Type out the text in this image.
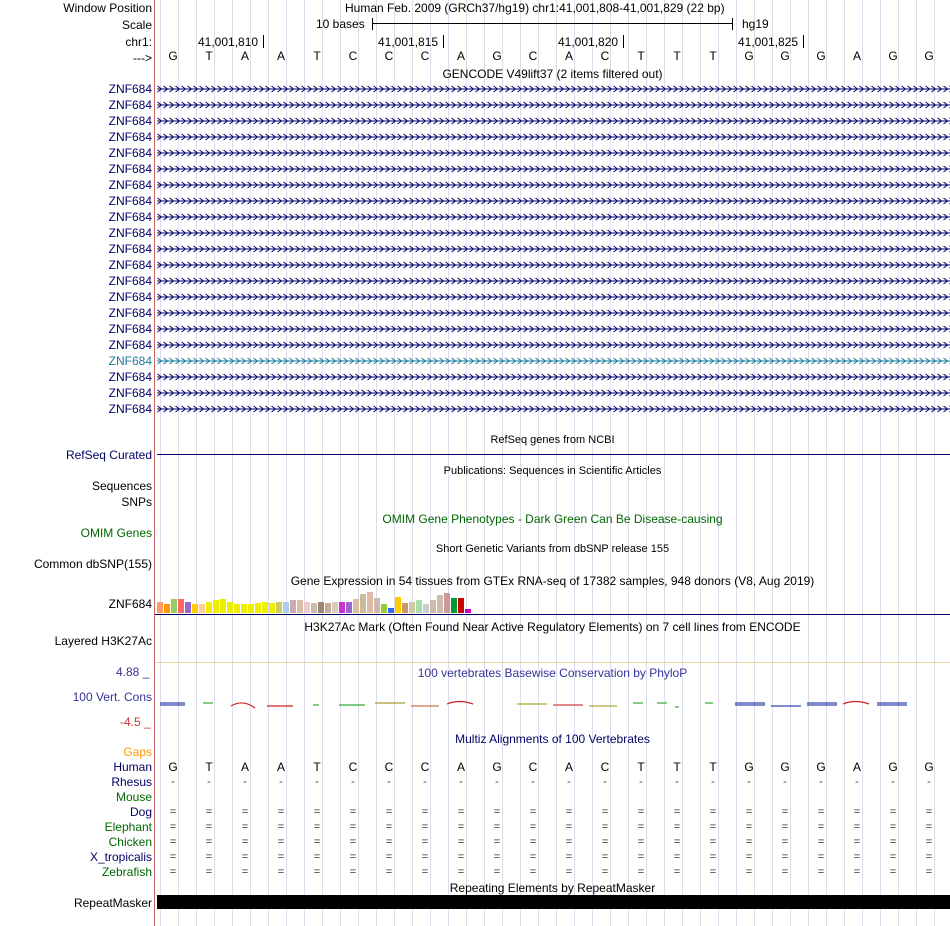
Window Position	Human Feb. 2009 (GRCh37/hg19) chr1:41,001,808-41,001,829 (22 bp)
Scale	10 bases	hg19
chr1:	41,001,810	41,001,815	41,001,820	41,001,825
--->	G	T	A	A	T	C	C	C	A	G	C	A	C	T	T	T	G	G	G	A	G	G
GENCODE V49lift37 (2 items filtered out)
ZNF684
ZNF684
ZNF684
ZNF684
ZNF684
ZNF684
ZNF684
ZNF684
ZNF684
ZNF684
ZNF684
ZNF684
ZNF684
ZNF684
ZNF684
ZNF684
ZNF684
ZNF684
ZNF684
ZNF684
ZNF684
RefSeq genes from NCBI
RefSeq Curated
Publications: Sequences in Scientific Articles
Sequences
SNPs
OMIM Gene Phenotypes - Dark Green Can Be Disease-causing
OMIM Genes
Short Genetic Variants from dbSNP release 155
Common dbSNP(155)
Gene Expression in 54 tissues from GTEx RNA-seq of 17382 samples, 948 donors (V8, Aug 2019)
ZNF684
H3K27Ac Mark (Often Found Near Active Regulatory Elements) on 7 cell lines from ENCODE
Layered H3K27Ac
100 vertebrates Basewise Conservation by PhyloP
4.88 _
100 Vert. Cons
-4.5 _
Multiz Alignments of 100 Vertebrates
Gaps
Human	G	T	A	A	T	C	C	C	A	G	C	A	C	T	T	T	G	G	G	A	G	G
Rhesus	-	-	-	-	-	-	-	-	-	-	-	-	-	-	-	-	-	-	-	-	-	-
Mouse
Dog	=	=	=	=	=	=	=	=	=	=	=	=	=	=	=	=	=	=	=	=	=	=
Elephant	=	=	=	=	=	=	=	=	=	=	=	=	=	=	=	=	=	=	=	=	=	=
Chicken	=	=	=	=	=	=	=	=	=	=	=	=	=	=	=	=	=	=	=	=	=	=
X_tropicalis	=	=	=	=	=	=	=	=	=	=	=	=	=	=	=	=	=	=	=	=	=	=
Zebrafish	=	=	=	=	=	=	=	=	=	=	=	=	=	=	=	=	=	=	=	=	=	=
Repeating Elements by RepeatMasker
RepeatMasker
